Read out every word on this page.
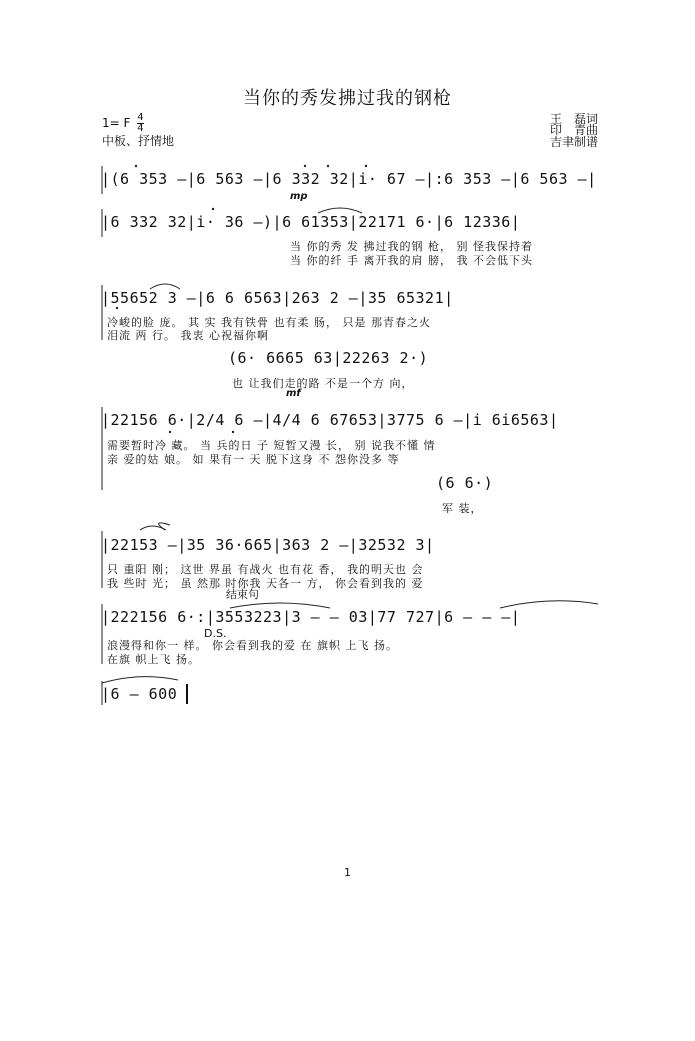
当你的秀发拂过我的钢枪
1= F $\frac{4}{4}$
中板、抒情地
王　磊词
印　青曲
吉聿制谱
|(6 353 –|6 563 –|6 332 32|i· 67 –|:6 353 –|6 563 –|
mp
|6 332 32|i· 36 –)|6 61353|22171 6·|6 12336|
当 你的秀 发 拂过我的钢 枪， 别 怪我保持着
当 你的纤 手 离开我的肩 膀， 我 不会低下头
|55652 3 –|6 6 6563|263 2 –|35 65321|
冷峻的脸 庞。 其 实 我有铁骨 也有柔 肠， 只是 那青春之火
泪流 两 行。 我衷 心祝福你啊
(6· 6665 63|22263 2·)
也 让我们走的路 不是一个方 向，
mf
|22156 6·|2/4 6 –|4/4 6 67653|3775 6 –|i 6i6563|
需要暂时冷 藏。 当 兵的日 子 短暂又漫 长， 别 说我不懂 情
亲 爱的姑 娘。 如 果有一 天 脱下这身 不 怨你没多 等
(6 6·)
军 装，
|22153 –|35 36·665|363 2 –|32532 3|
只 重阳 刚； 这世 界虽 有战火 也有花 香， 我的明天也 会
我 些时 光； 虽 然那 时你我 天各一 方， 你会看到我的 爱
结束句
|222156 6·:|3553223|3 – – 03|77 727|6 – – –|
D.S.
浪漫得和你一 样。 你会看到我的爱 在 旗帜 上飞 扬。
在旗 帜上飞 扬。
|6 – 600
1
